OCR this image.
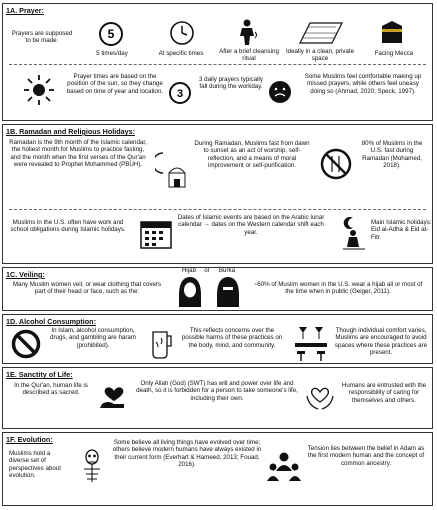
1A. Prayer:
Prayers are supposed to be made:	5
5 times/day	At specific times	After a brief cleansing ritual
Ideally in a clean, private space
Facing Mecca
Prayer times are based on the position of the sun, so they change based on time of year and location. 3
3 daily prayers typically fall during the workday.
Some Muslims feel comfortable making up missed prayers, while others feel uneasy doing so (Ahmad, 2020; Speck, 1997).
1B. Ramadan and Religious Holidays:
Ramadan is the 9th month of the Islamic calendar, the holiest month for Muslims to practice fasting, and the month when the first verses of the Qur'an were revealed to Prophet Mohammed (PBUH).
During Ramadan, Muslims fast from dawn to sunset as an act of worship, self-reflection, and a means of moral improvement or self-purification.
80% of Muslims in the U.S. fast during Ramadan (Mohamed, 2018).
Muslims in the U.S. often have work and school obligations during Islamic holidays.
Dates of Islamic events are based on the Arabic lunar calendar → dates on the Western calendar shift each year.
Main Islamic holidays: Eid al-Adha & Eid at-Fitr.
1C. Veiling:
Many Muslim women veil, or wear clothing that covers part of their head or face, such as the:
Hijab	or	Burka
~60% of Muslim women in the U.S. wear a hijab all or most of the time when in public (Geiger, 2011).
1D. Alcohol Consumption:
In Islam, alcohol consumption, drugs, and gambling are haram (prohibited).
This reflects concerns over the possible harms of these practices on the body, mind, and community.
Though individual comfort varies, Muslims are encouraged to avoid spaces where these practices are present.
1E. Sanctity of Life:
In the Qur'an, human life is described as sacred.
Only Allah (God) (SWT) has will and power over life and death, so it is forbidden for a person to take someone's life, including their own.
Humans are entrusted with the responsibility of caring for themselves and others.
1F. Evolution:
Muslims hold a diverse set of perspectives about evolution.
Some believe all living things have evolved over time; others believe modern humans have always existed in their current form (Everhart & Hameed, 2013; Fouad, 2016).
Tension lies between the belief in Adam as the first modern human and the concept of common ancestry.
